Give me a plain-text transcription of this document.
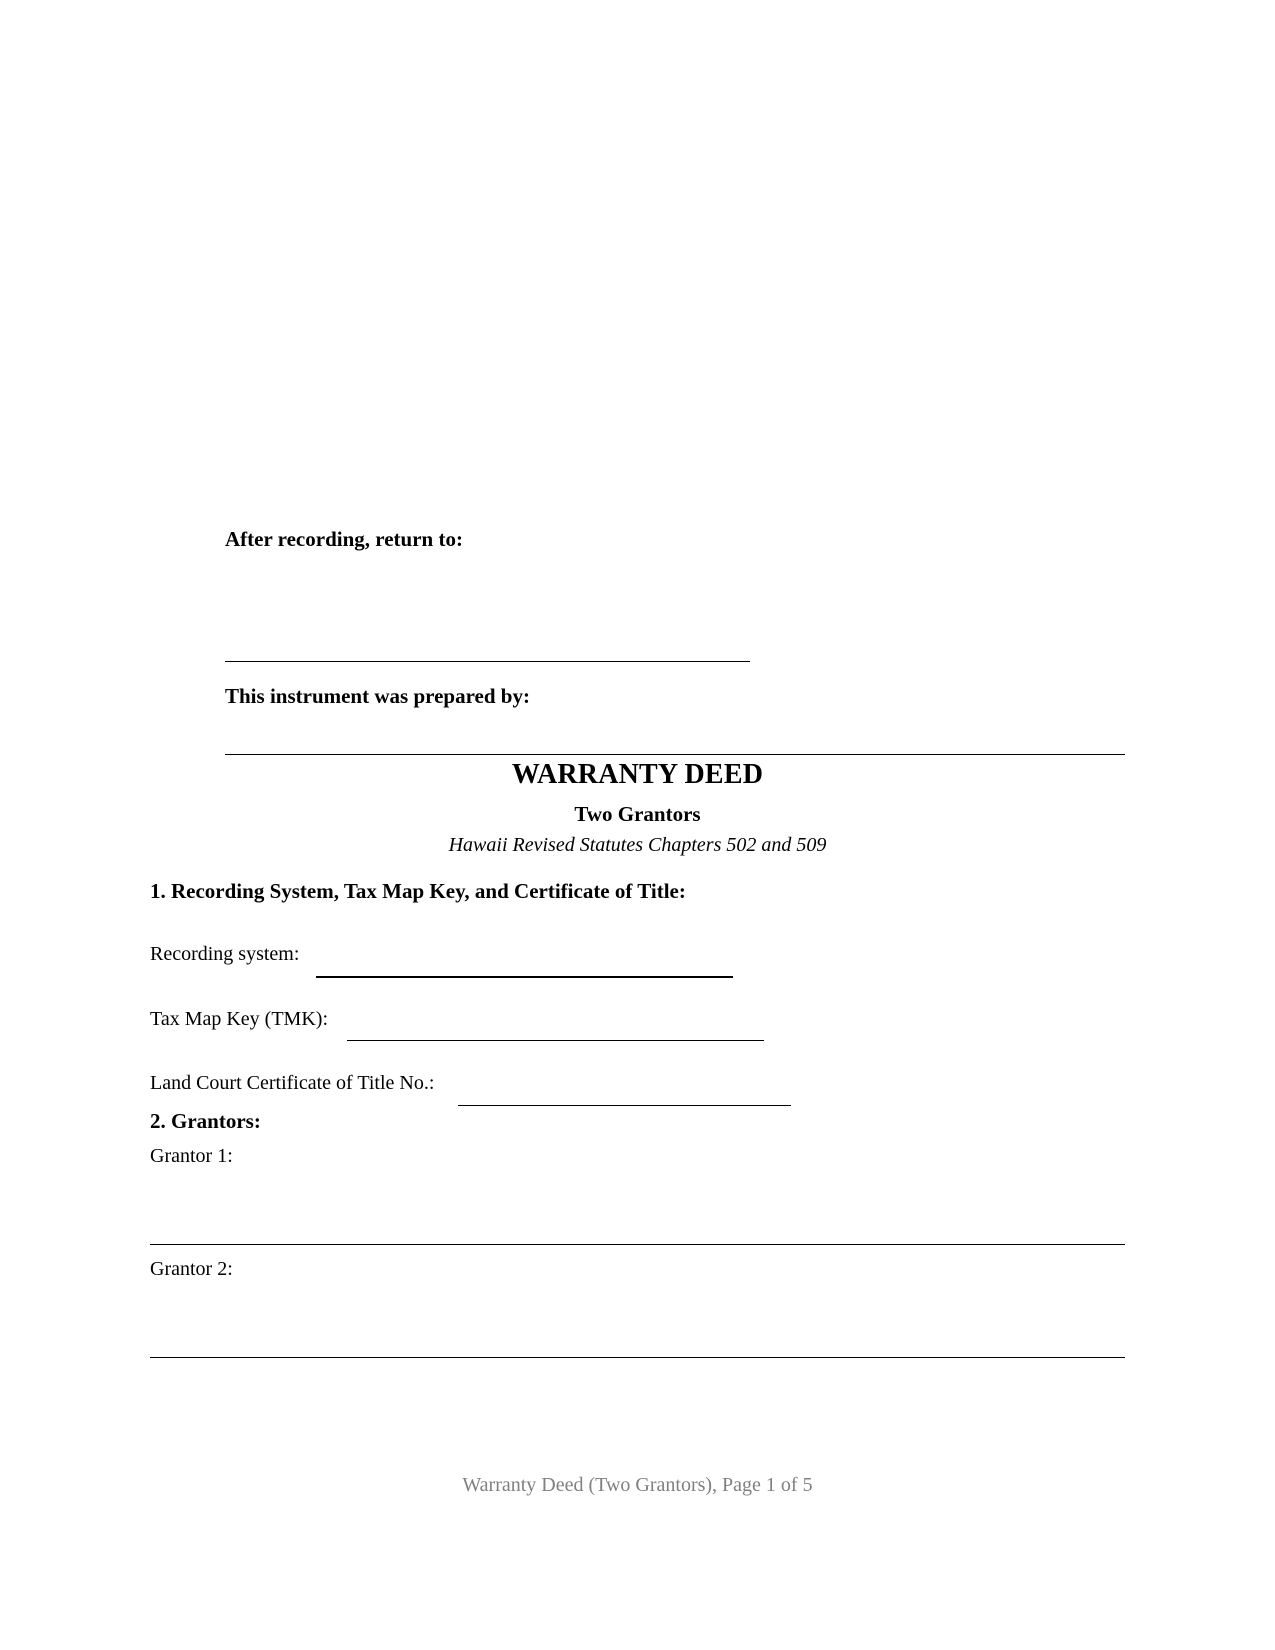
After recording, return to:
This instrument was prepared by:
WARRANTY DEED
Two Grantors
Hawaii Revised Statutes Chapters 502 and 509
1. Recording System, Tax Map Key, and Certificate of Title:
Recording system:
Tax Map Key (TMK):
Land Court Certificate of Title No.:
2. Grantors:
Grantor 1:
Grantor 2:
Warranty Deed (Two Grantors), Page 1 of 5
